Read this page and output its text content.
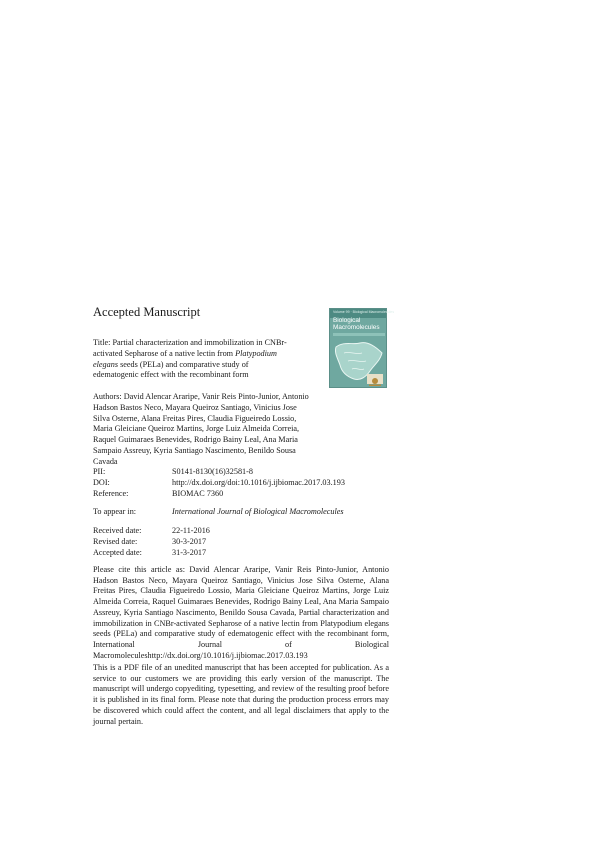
Accepted Manuscript	Volume 99 · Biological Macromolecules
Biological Macromolecules
Title: Partial characterization and immobilization in CNBr-activated Sepharose of a native lectin from Platypodium elegans seeds (PELa) and comparative study of edematogenic effect with the recombinant form
Authors: David Alencar Araripe, Vanir Reis Pinto-Junior, Antonio Hadson Bastos Neco, Mayara Queiroz Santiago, Vinicius Jose Silva Osterne, Alana Freitas Pires, Claudia Figueiredo Lossio, Maria Gleiciane Queiroz Martins, Jorge Luiz Almeida Correia, Raquel Guimaraes Benevides, Rodrigo Bainy Leal, Ana Maria Sampaio Assreuy, Kyria Santiago Nascimento, Benildo Sousa Cavada
PII:	S0141-8130(16)32581-8
DOI:	http://dx.doi.org/doi:10.1016/j.ijbiomac.2017.03.193
Reference:	BIOMAC 7360
To appear in:	International Journal of Biological Macromolecules
Received date:	22-11-2016
Revised date:	30-3-2017
Accepted date:	31-3-2017
Please cite this article as: David Alencar Araripe, Vanir Reis Pinto-Junior, Antonio Hadson Bastos Neco, Mayara Queiroz Santiago, Vinicius Jose Silva Osterne, Alana Freitas Pires, Claudia Figueiredo Lossio, Maria Gleiciane Queiroz Martins, Jorge Luiz Almeida Correia, Raquel Guimaraes Benevides, Rodrigo Bainy Leal, Ana Maria Sampaio Assreuy, Kyria Santiago Nascimento, Benildo Sousa Cavada, Partial characterization and immobilization in CNBr-activated Sepharose of a native lectin from Platypodium elegans seeds (PELa) and comparative study of edematogenic effect with the recombinant form, International Journal of Biological Macromoleculeshttp://dx.doi.org/10.1016/j.ijbiomac.2017.03.193
This is a PDF file of an unedited manuscript that has been accepted for publication. As a service to our customers we are providing this early version of the manuscript. The manuscript will undergo copyediting, typesetting, and review of the resulting proof before it is published in its final form. Please note that during the production process errors may be discovered which could affect the content, and all legal disclaimers that apply to the journal pertain.
